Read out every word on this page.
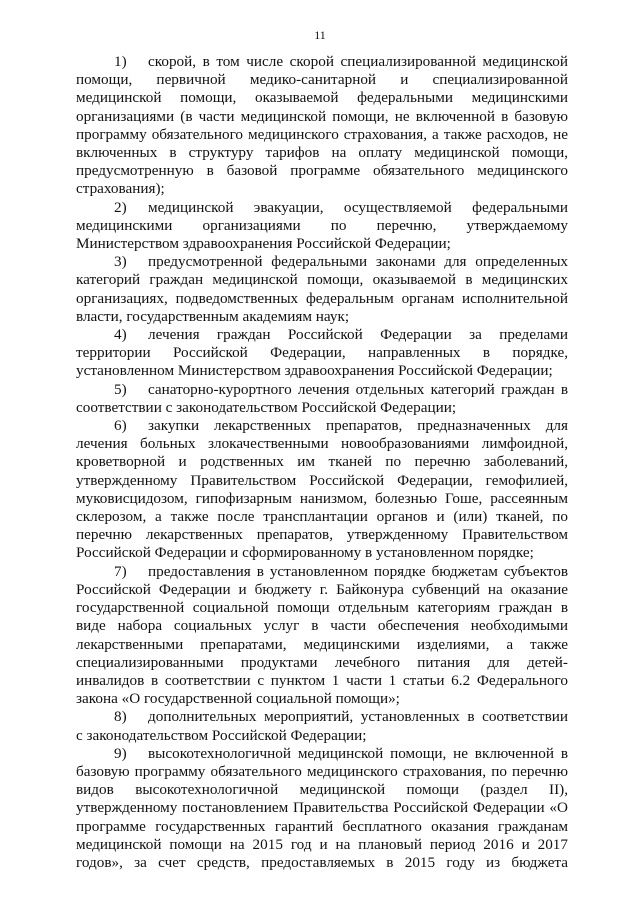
11
1)	скорой, в том числе скорой специализированной медицинской
помощи, первичной медико-санитарной и специализированной
медицинской помощи, оказываемой федеральными медицинскими
организациями (в части медицинской помощи, не включенной в базовую
программу обязательного медицинского страхования, а также расходов, не
включенных в структуру тарифов на оплату медицинской помощи,
предусмотренную в базовой программе обязательного медицинского
страхования);
2)	медицинской эвакуации, осуществляемой федеральными
медицинскими организациями по перечню, утверждаемому
Министерством здравоохранения Российской Федерации;
3)	предусмотренной федеральными законами для определенных
категорий граждан медицинской помощи, оказываемой в медицинских
организациях, подведомственных федеральным органам исполнительной
власти, государственным академиям наук;
4)	лечения граждан Российской Федерации за пределами
территории Российской Федерации, направленных в порядке,
установленном Министерством здравоохранения Российской Федерации;
5)	санаторно-курортного лечения отдельных категорий граждан в
соответствии с законодательством Российской Федерации;
6)	закупки лекарственных препаратов, предназначенных для
лечения больных злокачественными новообразованиями лимфоидной,
кроветворной и родственных им тканей по перечню заболеваний,
утвержденному Правительством Российской Федерации, гемофилией,
муковисцидозом, гипофизарным нанизмом, болезнью Гоше, рассеянным
склерозом, а также после трансплантации органов и (или) тканей, по
перечню лекарственных препаратов, утвержденному Правительством
Российской Федерации и сформированному в установленном порядке;
7)	предоставления в установленном порядке бюджетам субъектов
Российской Федерации и бюджету г. Байконура субвенций на оказание
государственной социальной помощи отдельным категориям граждан в
виде набора социальных услуг в части обеспечения необходимыми
лекарственными препаратами, медицинскими изделиями, а также
специализированными продуктами лечебного питания для детей-
инвалидов в соответствии с пунктом 1 части 1 статьи 6.2 Федерального
закона «О государственной социальной помощи»;
8)	дополнительных мероприятий, установленных в соответствии
с законодательством Российской Федерации;
9)	высокотехнологичной медицинской помощи, не включенной в
базовую программу обязательного медицинского страхования, по перечню
видов высокотехнологичной медицинской помощи (раздел II),
утвержденному постановлением Правительства Российской Федерации «О
программе государственных гарантий бесплатного оказания гражданам
медицинской помощи на 2015 год и на плановый период 2016 и 2017
годов», за счет средств, предоставляемых в 2015 году из бюджета
